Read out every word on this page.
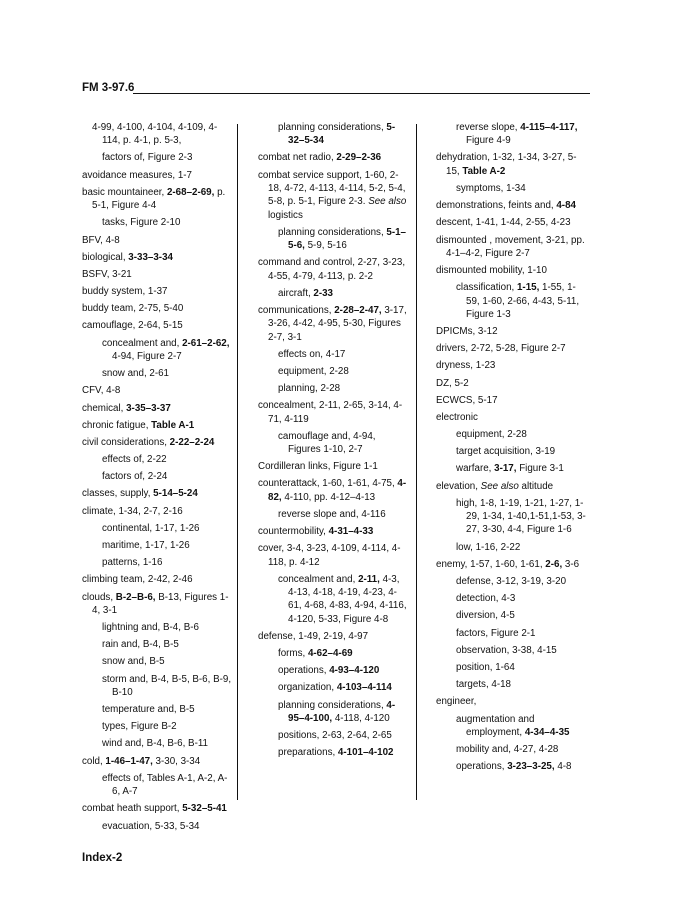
FM 3-97.6
4-99, 4-100, 4-104, 4-109, 4-114, p. 4-1, p. 5-3,
factors of, Figure 2-3
avoidance measures, 1-7
basic mountaineer, 2-68–2-69, p. 5-1, Figure 4-4
tasks, Figure 2-10
BFV, 4-8
biological, 3-33–3-34
BSFV, 3-21
buddy system, 1-37
buddy team, 2-75, 5-40
camouflage, 2-64, 5-15
concealment and, 2-61–2-62, 4-94, Figure 2-7
snow and, 2-61
CFV, 4-8
chemical, 3-35–3-37
chronic fatigue, Table A-1
civil considerations, 2-22–2-24
effects of, 2-22
factors of, 2-24
classes, supply, 5-14–5-24
climate, 1-34, 2-7, 2-16
continental, 1-17, 1-26
maritime, 1-17, 1-26
patterns, 1-16
climbing team, 2-42, 2-46
clouds, B-2–B-6, B-13, Figures 1-4, 3-1
lightning and, B-4, B-6
rain and, B-4, B-5
snow and, B-5
storm and, B-4, B-5, B-6, B-9, B-10
temperature and, B-5
types, Figure B-2
wind and, B-4, B-6, B-11
cold, 1-46–1-47, 3-30, 3-34
effects of, Tables A-1, A-2, A-6, A-7
combat heath support, 5-32–5-41
evacuation, 5-33, 5-34
planning considerations, 5-32–5-34
combat net radio, 2-29–2-36
combat service support, 1-60, 2-18, 4-72, 4-113, 4-114, 5-2, 5-4, 5-8, p. 5-1, Figure 2-3. See also logistics
planning considerations, 5-1–5-6, 5-9, 5-16
command and control, 2-27, 3-23, 4-55, 4-79, 4-113, p. 2-2
aircraft, 2-33
communications, 2-28–2-47, 3-17, 3-26, 4-42, 4-95, 5-30, Figures 2-7, 3-1
effects on, 4-17
equipment, 2-28
planning, 2-28
concealment, 2-11, 2-65, 3-14, 4-71, 4-119
camouflage and, 4-94, Figures 1-10, 2-7
Cordilleran links, Figure 1-1
counterattack, 1-60, 1-61, 4-75, 4-82, 4-110, pp. 4-12–4-13
reverse slope and, 4-116
countermobility, 4-31–4-33
cover, 3-4, 3-23, 4-109, 4-114, 4-118, p. 4-12
concealment and, 2-11, 4-3, 4-13, 4-18, 4-19, 4-23, 4-61, 4-68, 4-83, 4-94, 4-116, 4-120, 5-33, Figure 4-8
defense, 1-49, 2-19, 4-97
forms, 4-62–4-69
operations, 4-93–4-120
organization, 4-103–4-114
planning considerations, 4-95–4-100, 4-118, 4-120
positions, 2-63, 2-64, 2-65
preparations, 4-101–4-102
reverse slope, 4-115–4-117, Figure 4-9
dehydration, 1-32, 1-34, 3-27, 5-15, Table A-2
symptoms, 1-34
demonstrations, feints and, 4-84
descent, 1-41, 1-44, 2-55, 4-23
dismounted , movement, 3-21, pp. 4-1–4-2, Figure 2-7
dismounted mobility, 1-10
classification, 1-15, 1-55, 1-59, 1-60, 2-66, 4-43, 5-11, Figure 1-3
DPICMs, 3-12
drivers, 2-72, 5-28, Figure 2-7
dryness, 1-23
DZ, 5-2
ECWCS, 5-17
electronic
equipment, 2-28
target acquisition, 3-19
warfare, 3-17, Figure 3-1
elevation, See also altitude
high, 1-8, 1-19, 1-21, 1-27, 1-29, 1-34, 1-40,1-51,1-53, 3-27, 3-30, 4-4, Figure 1-6
low, 1-16, 2-22
enemy, 1-57, 1-60, 1-61, 2-6, 3-6
defense, 3-12, 3-19, 3-20
detection, 4-3
diversion, 4-5
factors, Figure 2-1
observation, 3-38, 4-15
position, 1-64
targets, 4-18
engineer,
augmentation and employment, 4-34–4-35
mobility and, 4-27, 4-28
operations, 3-23–3-25, 4-8
Index-2
